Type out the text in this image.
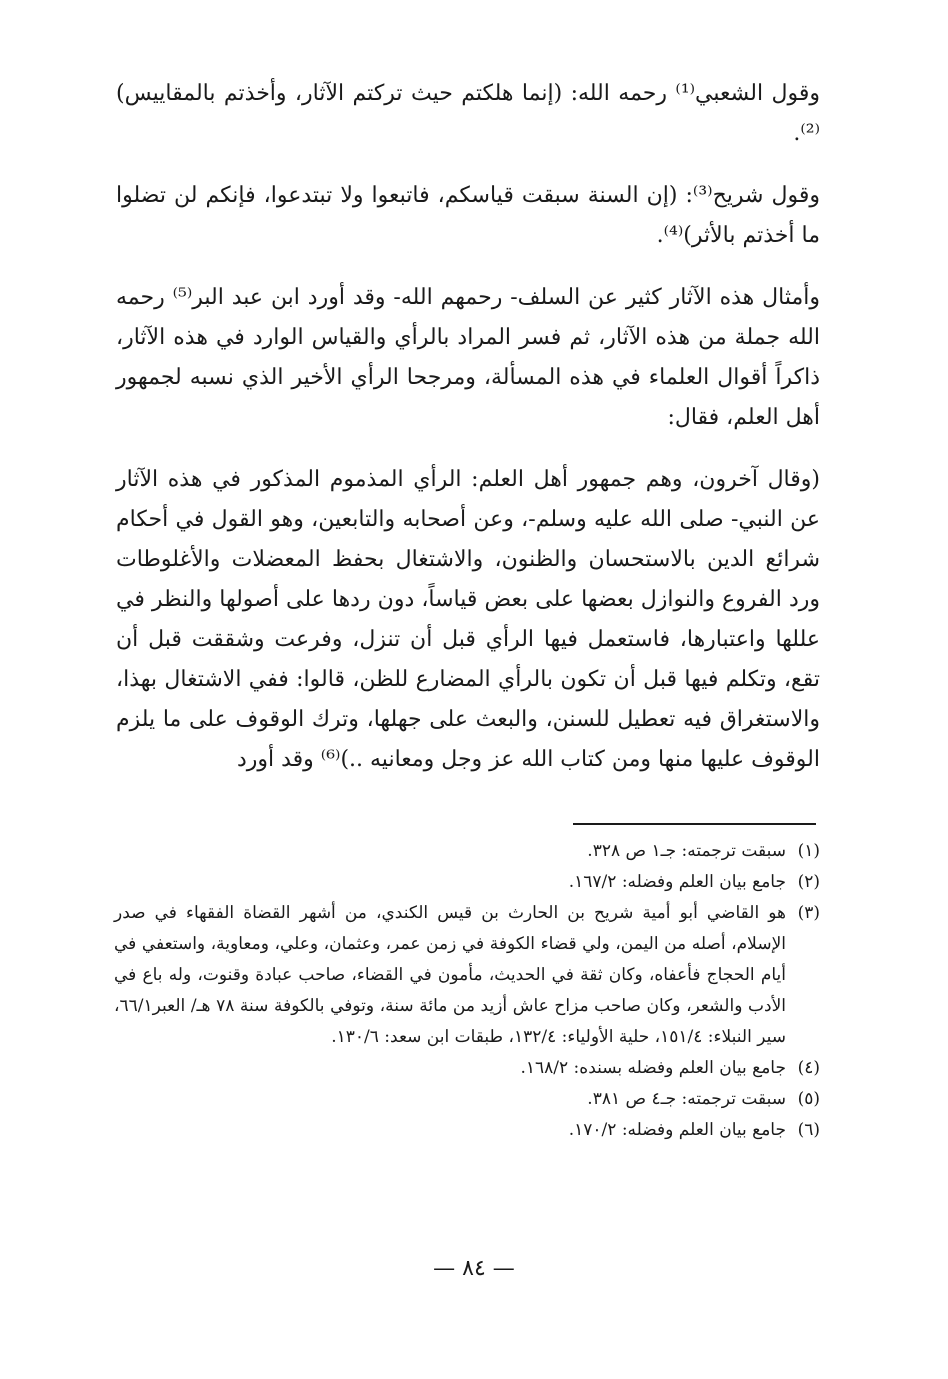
وقول الشعبي⁽¹⁾ رحمه الله: (إنما هلكتم حيث تركتم الآثار، وأخذتم بالمقاييس)⁽²⁾.

وقول شريح⁽³⁾: (إن السنة سبقت قياسكم، فاتبعوا ولا تبتدعوا، فإنكم لن تضلوا ما أخذتم بالأثر)⁽⁴⁾.

وأمثال هذه الآثار كثير عن السلف- رحمهم الله- وقد أورد ابن عبد البر⁽⁵⁾ رحمه الله جملة من هذه الآثار، ثم فسر المراد بالرأي والقياس الوارد في هذه الآثار، ذاكراً أقوال العلماء في هذه المسألة، ومرجحا الرأي الأخير الذي نسبه لجمهور أهل العلم، فقال:

(وقال آخرون، وهم جمهور أهل العلم: الرأي المذموم المذكور في هذه الآثار عن النبي- صلى الله عليه وسلم-، وعن أصحابه والتابعين، وهو القول في أحكام شرائع الدين بالاستحسان والظنون، والاشتغال بحفظ المعضلات والأغلوطات ورد الفروع والنوازل بعضها على بعض قياساً، دون ردها على أصولها والنظر في عللها واعتبارها، فاستعمل فيها الرأي قبل أن تنزل، وفرعت وشققت قبل أن تقع، وتكلم فيها قبل أن تكون بالرأي المضارع للظن، قالوا: ففي الاشتغال بهذا، والاستغراق فيه تعطيل للسنن، والبعث على جهلها، وترك الوقوف على ما يلزم الوقوف عليها منها ومن كتاب الله عز وجل ومعانيه ..)⁽⁶⁾ وقد أورد

(١)
سبقت ترجمته: جـ١ ص ٣٢٨.
(٢)
جامع بيان العلم وفضله: ١٦٧/٢.
(٣)
هو القاضي أبو أمية شريح بن الحارث بن قيس الكندي، من أشهر القضاة الفقهاء في صدر الإسلام، أصله من اليمن، ولي قضاء الكوفة في زمن عمر، وعثمان، وعلي، ومعاوية، واستعفي في أيام الحجاج فأعفاه، وكان ثقة في الحديث، مأمون في القضاء، صاحب عبادة وقنوت، وله باع في الأدب والشعر، وكان صاحب مزاح عاش أزيد من مائة سنة، وتوفي بالكوفة سنة ٧٨ هـ/ العبر٦٦/١، سير النبلاء: ١٥١/٤، حلية الأولياء: ١٣٢/٤، طبقات ابن سعد: ١٣٠/٦.
(٤)
جامع بيان العلم وفضله بسنده: ١٦٨/٢.
(٥)
سبقت ترجمته: جـ٤ ص ٣٨١.
(٦)
جامع بيان العلم وفضله: ١٧٠/٢.
— ٨٤ —
